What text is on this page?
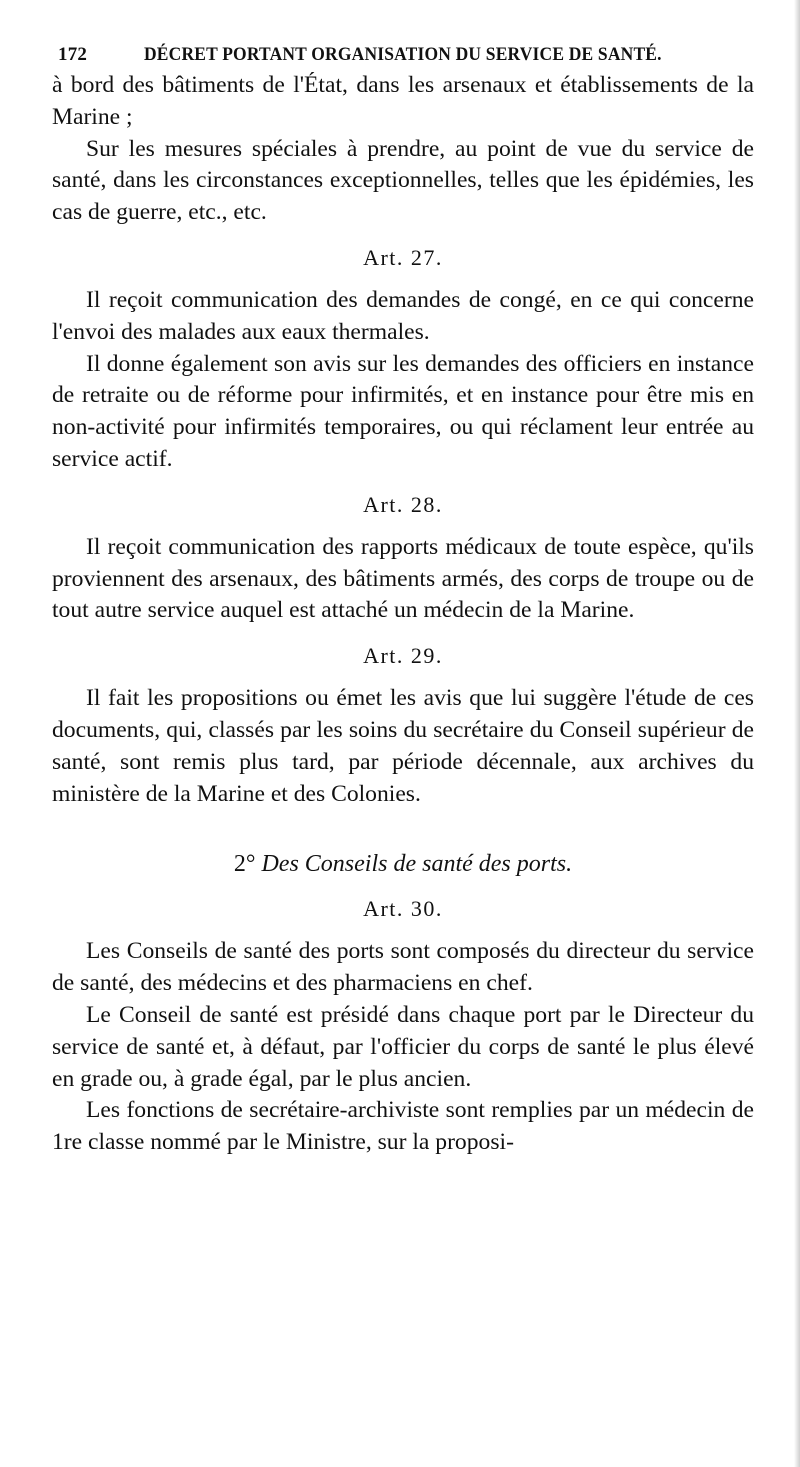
172	DÉCRET PORTANT ORGANISATION DU SERVICE DE SANTÉ.

à bord des bâtiments de l'État, dans les arsenaux et établissements de la Marine ;

Sur les mesures spéciales à prendre, au point de vue du service de santé, dans les circonstances exceptionnelles, telles que les épidémies, les cas de guerre, etc., etc.

Art. 27.

Il reçoit communication des demandes de congé, en ce qui concerne l'envoi des malades aux eaux thermales.

Il donne également son avis sur les demandes des officiers en instance de retraite ou de réforme pour infirmités, et en instance pour être mis en non-activité pour infirmités temporaires, ou qui réclament leur entrée au service actif.

Art. 28.

Il reçoit communication des rapports médicaux de toute espèce, qu'ils proviennent des arsenaux, des bâtiments armés, des corps de troupe ou de tout autre service auquel est attaché un médecin de la Marine.

Art. 29.

Il fait les propositions ou émet les avis que lui suggère l'étude de ces documents, qui, classés par les soins du secrétaire du Conseil supérieur de santé, sont remis plus tard, par période décennale, aux archives du ministère de la Marine et des Colonies.

2° Des Conseils de santé des ports.
Art. 30.

Les Conseils de santé des ports sont composés du directeur du service de santé, des médecins et des pharmaciens en chef.

Le Conseil de santé est présidé dans chaque port par le Directeur du service de santé et, à défaut, par l'officier du corps de santé le plus élevé en grade ou, à grade égal, par le plus ancien.

Les fonctions de secrétaire-archiviste sont remplies par un médecin de 1re classe nommé par le Ministre, sur la proposi-
